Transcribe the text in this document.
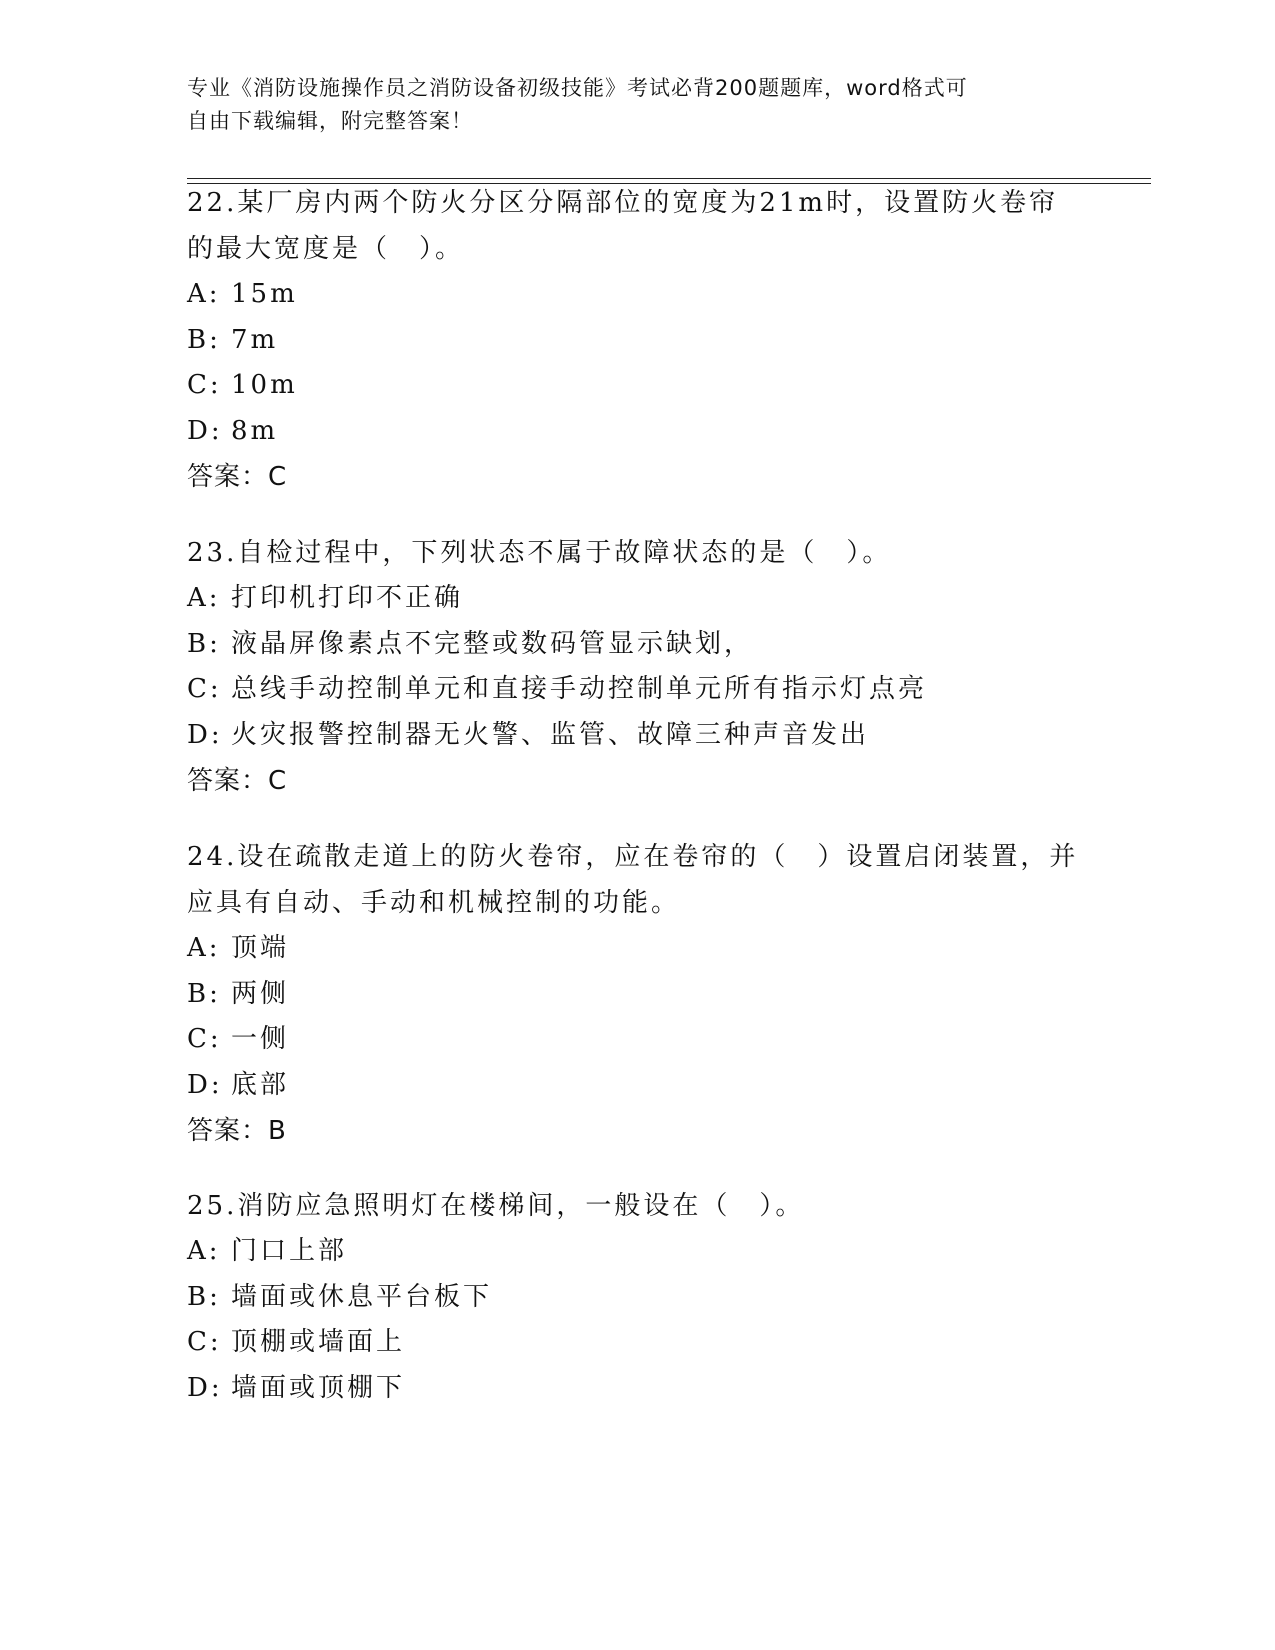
专业《消防设施操作员之消防设备初级技能》考试必背200题题库，word格式可
自由下载编辑，附完整答案！

22.某厂房内两个防火分区分隔部位的宽度为21m时，设置防火卷帘的最大宽度是（　）。

A: 15m

B: 7m

C: 10m

D: 8m

答案：C

23.自检过程中，下列状态不属于故障状态的是（　）。

A: 打印机打印不正确

B: 液晶屏像素点不完整或数码管显示缺划，

C: 总线手动控制单元和直接手动控制单元所有指示灯点亮

D: 火灾报警控制器无火警、监管、故障三种声音发出

答案：C

24.设在疏散走道上的防火卷帘，应在卷帘的（　）设置启闭装置，并应具有自动、手动和机械控制的功能。

A: 顶端

B: 两侧

C: 一侧

D: 底部

答案：B

25.消防应急照明灯在楼梯间，一般设在（　）。

A: 门口上部

B: 墙面或休息平台板下

C: 顶棚或墙面上

D: 墙面或顶棚下
